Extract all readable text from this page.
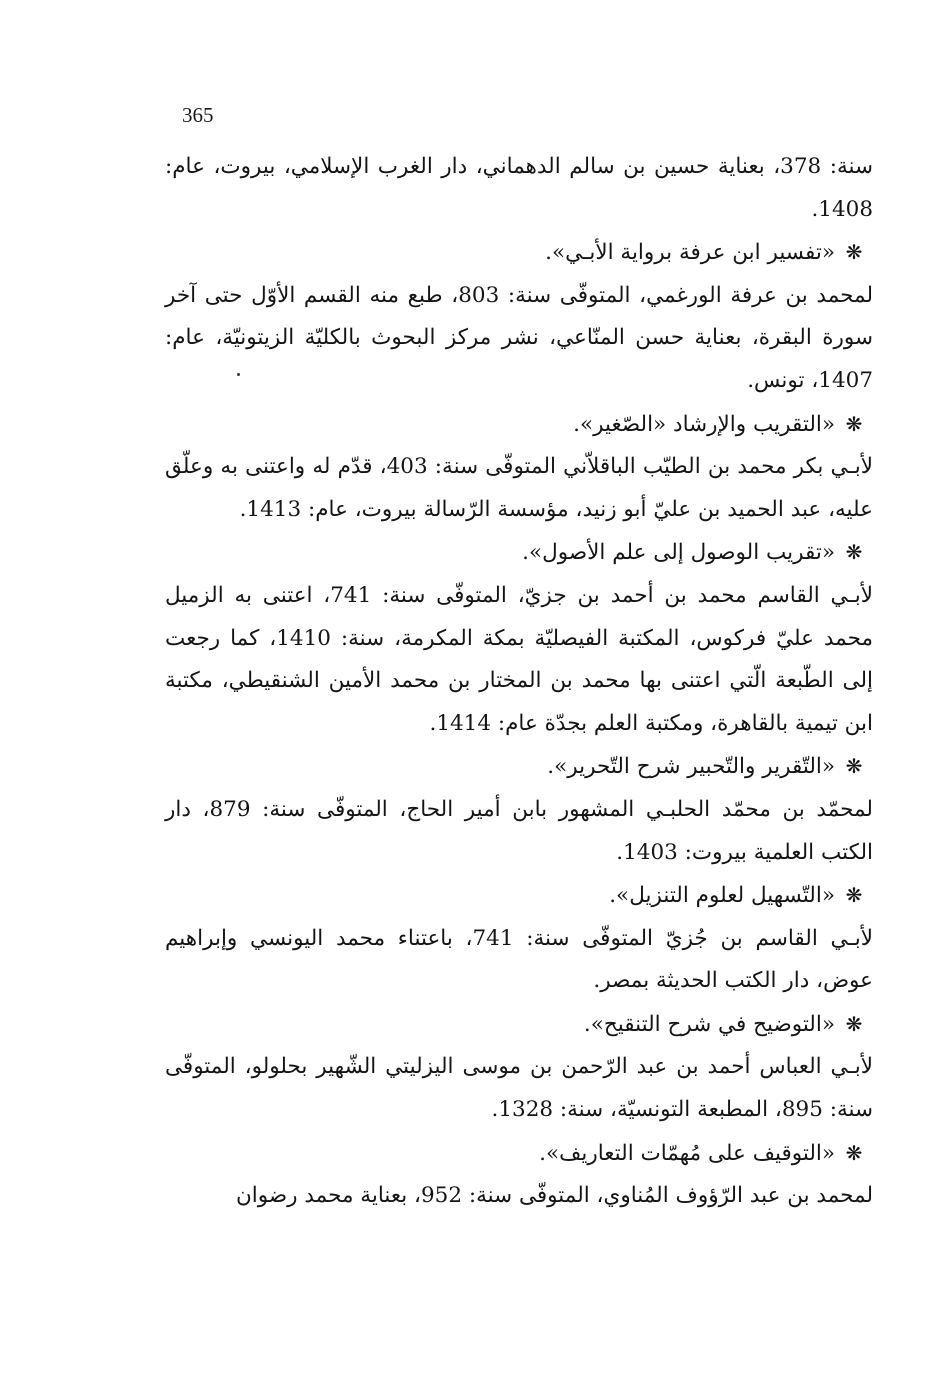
365

سنة: 378، بعناية حسين بن سالم الدهماني، دار الغرب الإسلامي، بيروت، عام: 1408.

❋
«تفسير ابن عرفة برواية الأبـي».

لمحمد بن عرفة الورغمي، المتوفّى سنة: 803، طبع منه القسم الأوّل حتى آخر سورة البقرة، بعناية حسن المنّاعي، نشر مركز البحوث بالكليّة الزيتونيّة، عام: 1407، تونس.

❋
«التقريب والإرشاد «الصّغير».

لأبـي بكر محمد بن الطيّب الباقلاّني المتوفّى سنة: 403، قدّم له واعتنى به وعلّق عليه، عبد الحميد بن عليّ أبو زنيد، مؤسسة الرّسالة بيروت، عام: 1413.

❋
«تقريب الوصول إلى علم الأصول».

لأبـي القاسم محمد بن أحمد بن جزيّ، المتوفّى سنة: 741، اعتنى به الزميل محمد عليّ فركوس، المكتبة الفيصليّة بمكة المكرمة، سنة: 1410، كما رجعت إلى الطّبعة الّتي اعتنى بها محمد بن المختار بن محمد الأمين الشنقيطي، مكتبة ابن تيمية بالقاهرة، ومكتبة العلم بجدّة عام: 1414.

❋
«التّقرير والتّحبير شرح التّحرير».

لمحمّد بن محمّد الحلبـي المشهور بابن أمير الحاج، المتوفّى سنة: 879، دار الكتب العلمية بيروت: 1403.

❋
«التّسهيل لعلوم التنزيل».

لأبـي القاسم بن جُزيّ المتوفّى سنة: 741، باعتناء محمد اليونسي وإبراهيم عوض، دار الكتب الحديثة بمصر.

❋
«التوضيح في شرح التنقيح».

لأبـي العباس أحمد بن عبد الرّحمن بن موسى اليزليتي الشّهير بحلولو، المتوفّى سنة: 895، المطبعة التونسيّة، سنة: 1328.

❋
«التوقيف على مُهمّات التعاريف».

لمحمد بن عبد الرّؤوف المُناوي، المتوفّى سنة: 952، بعناية محمد رضوان
